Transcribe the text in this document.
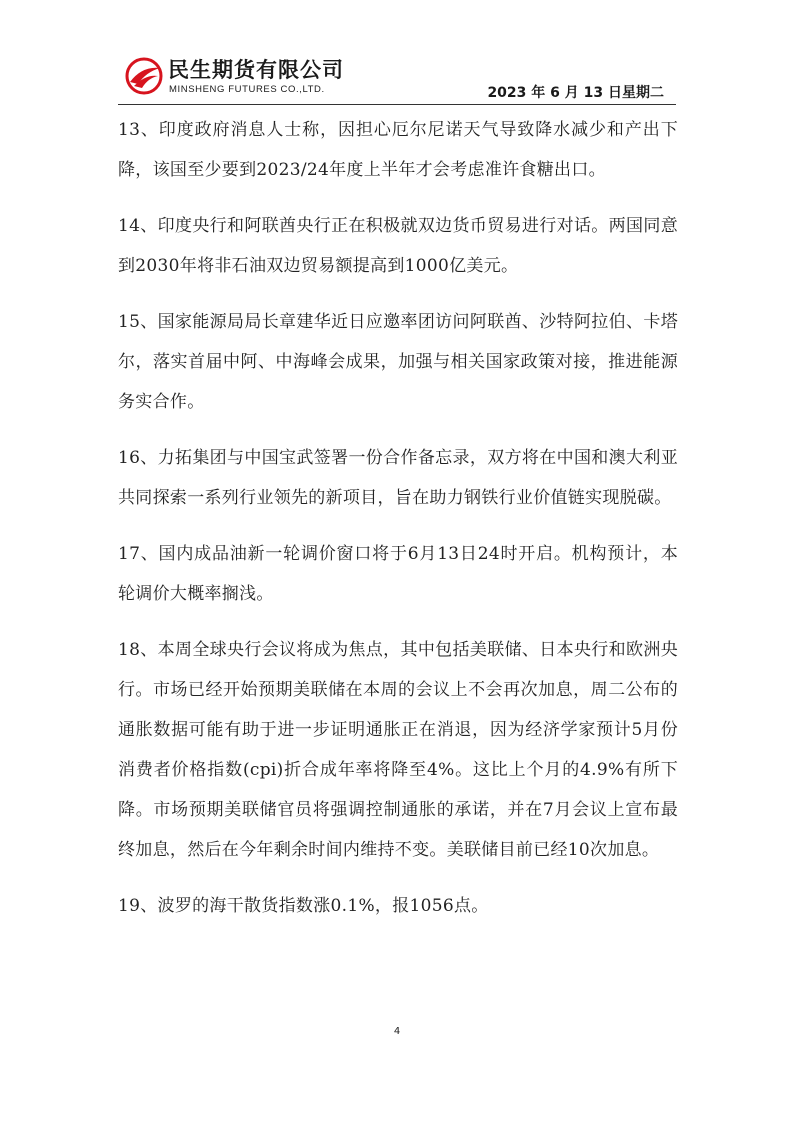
民生期货有限公司
MINSHENG FUTURES CO.,LTD.	2023 年 6 月 13 日星期二

13、印度政府消息人士称，因担心厄尔尼诺天气导致降水减少和产出下降，该国至少要到2023/24年度上半年才会考虑准许食糖出口。

14、印度央行和阿联酋央行正在积极就双边货币贸易进行对话。两国同意到2030年将非石油双边贸易额提高到1000亿美元。

15、国家能源局局长章建华近日应邀率团访问阿联酋、沙特阿拉伯、卡塔尔，落实首届中阿、中海峰会成果，加强与相关国家政策对接，推进能源务实合作。

16、力拓集团与中国宝武签署一份合作备忘录，双方将在中国和澳大利亚共同探索一系列行业领先的新项目，旨在助力钢铁行业价值链实现脱碳。

17、国内成品油新一轮调价窗口将于6月13日24时开启。机构预计，本轮调价大概率搁浅。

18、本周全球央行会议将成为焦点，其中包括美联储、日本央行和欧洲央行。市场已经开始预期美联储在本周的会议上不会再次加息，周二公布的通胀数据可能有助于进一步证明通胀正在消退，因为经济学家预计5月份消费者价格指数(cpi)折合成年率将降至4%。这比上个月的4.9%有所下降。市场预期美联储官员将强调控制通胀的承诺，并在7月会议上宣布最终加息，然后在今年剩余时间内维持不变。美联储目前已经10次加息。

19、波罗的海干散货指数涨0.1%，报1056点。

4
